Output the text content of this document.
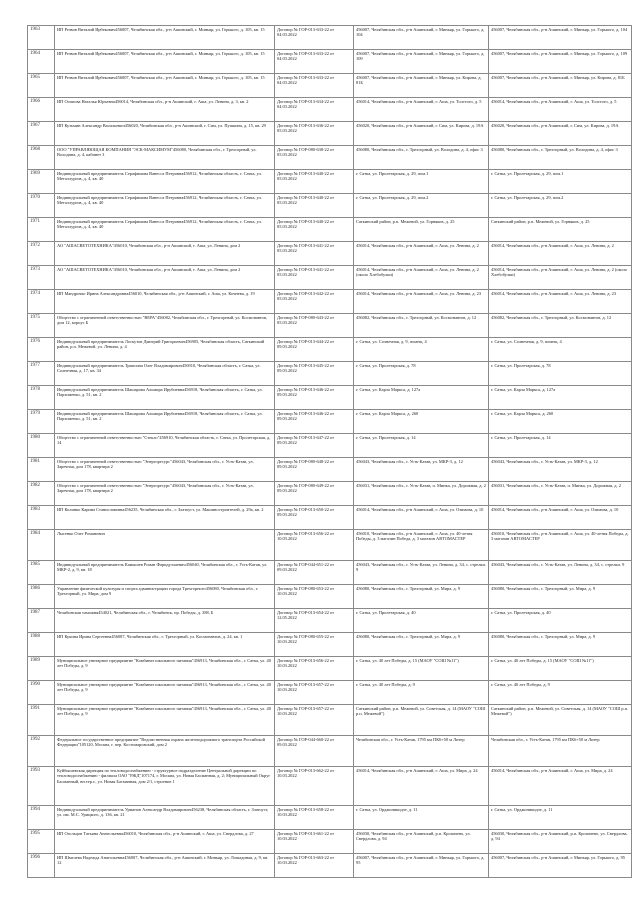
1963	ИП Резвов Виталий Ирбекович456007, Челябинская обл., р-н Ашинский, г. Миньяр, ул. Горького, д. 105, кв. 15	Договор № ГОР-013-633-22 от 04.03.2022	456007, Челябинская обл., р-н Ашинский, г. Миньяр, ул. Горького, д. 104	456007, Челябинская обл., р-н Ашинский, г. Миньяр, ул. Горького, д. 104
1964	ИП Резвов Виталий Ирбекович456007, Челябинская обл., р-н Ашинский, г. Миньяр, ул. Горького, д. 105, кв. 15	Договор № ГОР-013-633-22 от 04.03.2022	456007, Челябинская обл., р-н Ашинский, г. Миньяр, ул. Горького, д. 109	456007, Челябинская обл., р-н Ашинский, г. Миньяр, ул. Горького, д. 109
1965	ИП Резвов Виталий Ирбекович456007, Челябинская обл., р-н Ашинский, г. Миньяр, ул. Горького, д. 105, кв. 15	Договор № ГОР-013-633-22 от 04.03.2022	456007, Челябинская обл., р-н Ашинский, г. Миньяр, ул. Кирова, д. 81Б	456007, Челябинская обл., р-н Ашинский, г. Миньяр, ул. Кирова, д. 81Б
1966	ИП Осипова Наталья Юрьевна456014, Челябинская обл., р-н Ашинский, г. Аша, ул. Ленина, д. 3, кв. 2	Договор № ГОР-013-634-22 от 04.03.2022	456014, Челябинская обл., р-н Ашинский, г. Аша, ул. Толстого, д. 5	456014, Челябинская обл., р-н Ашинский, г. Аша, ул. Толстого, д. 5
1967	ИП Кузьмин Александр Васильевич456020, Челябинская обл., р-н Ашинский, г. Сим, ул. Пушкина, д. 15, кв. 29	Договор № ГОР-013-636-22 от 05.03.2022	456020, Челябинская обл., р-н Ашинский, г. Сим, ул. Кирова, д. 19А	456020, Челябинская обл., р-н Ашинский, г. Сим, ул. Кирова, д. 19А
1968	ООО "УПРАВЛЯЮЩАЯ КОМПАНИЯ "ЭСК-МАКСИМУМ"456080, Челябинская обл., г. Трехгорный, ул. Володина, д. 4, кабинет 3	Договор № ГОР-080-638-22 от 05.03.2022	456080, Челябинская обл., г. Трехгорный, ул. Володина, д. 4, офис 3	456080, Челябинская обл., г. Трехгорный, ул. Володина, д. 4, офис 3
1969	Индивидуальный предприниматель Серафимова Ванесса Петровна456912, Челябинская область, г. Сатка, ул. Металлургов, д. 4, кв. 40	Договор № ГОР-013-640-22 от 05.03.2022	г. Сатка, ул. Пролетарская, д. 29, пом.1	г. Сатка, ул. Пролетарская, д. 29, пом.1
1970	Индивидуальный предприниматель Серафимова Ванесса Петровна456912, Челябинская область, г. Сатка, ул. Металлургов, д. 4, кв. 40	Договор № ГОР-013-640-22 от 05.03.2022	г. Сатка, ул. Пролетарская, д. 29, пом.2	г. Сатка, ул. Пролетарская, д. 29, пом.2
1971	Индивидуальный предприниматель Серафимова Ванесса Петровна456912, Челябинская область, г. Сатка, ул. Металлургов, д. 4, кв. 40	Договор № ГОР-013-640-22 от 05.03.2022	Саткинский район, р.п. Межевой, ул. Горняков, д. 25	Саткинский район, р.п. Межевой, ул. Горняков, д. 25
1972	АО "АШАСВЕТОТЕХНИКА"456010, Челябинская обл., р-н Ашинский, г. Аша, ул. Ленина, дом 2	Договор № ГОР-013-641-22 от 05.03.2022	456014, Челябинская обл., р-н Ашинский, г. Аша, ул. Ленина, д. 2	456014, Челябинская обл., р-н Ашинский, г. Аша, ул. Ленина, д. 2
1973	АО "АШАСВЕТОТЕХНИКА"456010, Челябинская обл., р-н Ашинский, г. Аша, ул. Ленина, дом 2	Договор № ГОР-013-641-22 от 05.03.2022	456014, Челябинская обл., р-н Ашинский, г. Аша, ул. Ленина, д. 2 (около Хлебобулки)	456014, Челябинская обл., р-н Ашинский, г. Аша, ул. Ленина, д. 2 (около Хлебобулки)
1974	ИП Мандрочко Ирина Александровна456010, Челябинская обл., р-н Ашинский, г. Аша, ул. Кочнева, д. 19	Договор № ГОР-013-642-22 от 05.03.2022	456014, Челябинская обл., р-н Ашинский, г. Аша, ул. Ленина, д. 23	456014, Челябинская обл., р-н Ашинский, г. Аша, ул. Ленина, д. 23
1975	Общество с ограниченной ответственностью "ВЕРА"456082, Челябинская обл., г. Трехгорный, ул. Космонавтов, дом 12, корпус Б	Договор № ГОР-080-643-22 от 05.03.2022	456082, Челябинская обл., г. Трехгорный, ул. Космонавтов, д. 12	456082, Челябинская обл., г. Трехгорный, ул. Космонавтов, д. 12
1976	Индивидуальный предприниматель Лоскутов Дмитрий Григорьевич456905, Челябинская область, Саткинский район, р.п. Межевой, ул. Ленина, д. 4	Договор № ГОР-013-644-22 от 09.03.2022	г. Сатка, ул. Солнечная, д. 9, помещ. 4	г. Сатка, ул. Солнечная, д. 9, помещ. 4
1977	Индивидуальный предприниматель Трипсина Олег Владимирович456910, Челябинская область, г. Сатка, ул. Солнечная, д. 17, кв. 34	Договор № ГОР-013-645-22 от 09.03.2022	г. Сатка, ул. Пролетарская, д. 78	г. Сатка, ул. Пролетарская, д. 78
1978	Индивидуальный предприниматель Шашарова Альмира Ирубиевна456918, Челябинская область, г. Сатка, ул. Пархоменко, д. 51, кв. 2	Договор № ГОР-013-646-22 от 09.03.2022	г. Сатка, ул. Карла Маркса, д. 127а	г. Сатка, ул. Карла Маркса, д. 127а
1979	Индивидуальный предприниматель Шашарова Альмира Ирубиевна456918, Челябинская область, г. Сатка, ул. Пархоменко, д. 51, кв. 2	Договор № ГОР-013-646-22 от 09.03.2022	г. Сатка, ул. Карла Маркса, д. 260	г. Сатка, ул. Карла Маркса, д. 260
1980	Общество с ограниченной ответственностью "Стекло"456910, Челябинская область, г. Сатка, ул. Пролетарская, д. 14	Договор № ГОР-013-647-22 от 09.03.2022	г. Сатка, ул. Пролетарская, д. 14	г. Сатка, ул. Пролетарская, д. 14
1981	Общество с ограниченной ответственностью "Энергоресурс"456043, Челябинская обл., г. Усть-Катав, ул. Заречная, дом 178, квартира 2	Договор № ГОР-080-648-22 от 09.03.2022	456043, Челябинская обл., г. Усть-Катав, ул. МКР-3, д. 12	456043, Челябинская обл., г. Усть-Катав, ул. МКР-3, д. 12
1982	Общество с ограниченной ответственностью "Энергоресурс"456043, Челябинская обл., г. Усть-Катав, ул. Заречная, дом 178, квартира 2	Договор № ГОР-080-649-22 от 09.03.2022	456031, Челябинская обл., г. Усть-Катав, п. Минка, ул. Дорожная, д. 2	456031, Челябинская обл., г. Усть-Катав, п. Минка, ул. Дорожная, д. 2
1983	ИП Колинко Карина Станиславовна456235, Челябинская обл., г. Златоуст, ул. Машиностроителей, д. 29а, кв. 2	Договор № ГОР-013-650-22 от 09.03.2022	456014, Челябинская обл., р-н Ашинский, г. Аша, ул. Озимова, д. 10	456014, Челябинская обл., р-н Ашинский, г. Аша, ул. Озимова, д. 10
1984	Лысенко Олег Романович	Договор № ГОР-013-656-22 от 10.03.2022	456010, Челябинская обл., р-н Ашинский, г. Аша, ул. 40-летия Победы, д. 3 магазин Победа, д. 3 магазин АВТОМАСТЕР	456010, Челябинская обл., р-н Ашинский, г. Аша, ул. 40-летия Победы, д. 3 магазин АВТОМАСТЕР
1985	Индивидуальный предприниматель Камышев Роман Фаридуллаевич456040, Челябинская обл., г. Усть-Катав, ул. МКР-2, д. 9, кв. 18	Договор № ГОР-044-651-22 от 09.03.2022	456043, Челябинская обл., г. Усть-Катав, ул. Ленина, д. 34, с. стрелки. 9	456043, Челябинская обл., г. Усть-Катав, ул. Ленина, д. 34, с. стрелки. 9
1986	Управление физической культуры и спорта администрации города Трехгорного456080, Челябинская обл., г. Трехгорный, ул. Мира, дом 9	Договор № ГОР-080-653-22 от 10.03.2022	456080, Челябинская обл., г. Трехгорный, ул. Мира, д. 9	456080, Челябинская обл., г. Трехгорный, ул. Мира, д. 9
1987	Челябинская таможня454021, Челябинская обл., г. Челябинск, пр. Победы, д. 388, Б	Договор № ГОР-013-654-22 от 12.05.2022	г. Сатка, ул. Пролетарская, д. 40	г. Сатка, ул. Пролетарская, д. 40
1988	ИП Кукина Ирина Сергеевна456087, Челябинская обл., г. Трехгорный, ул. Космонавтов, д. 24, кв. 1	Договор № ГОР-080-655-22 от 10.03.2022	456080, Челябинская обл., г. Трехгорный, ул. Мира, д. 9	456080, Челябинская обл., г. Трехгорный, ул. Мира, д. 9
1989	Муниципальное унитарное предприятие "Комбинат школьного питания"456913, Челябинская обл., г. Сатка, ул. 40 лет Победы, д. 9	Договор № ГОР-013-656-22 от 10.03.2022	г. Сатка, ул. 40 лет Победы, д. 15 (МАОУ "СОШ №11")	г. Сатка, ул. 40 лет Победы, д. 15 (МАОУ "СОШ №11")
1990	Муниципальное унитарное предприятие "Комбинат школьного питания"456913, Челябинская обл., г. Сатка, ул. 40 лет Победы, д. 9	Договор № ГОР-013-657-22 от 10.03.2022	г. Сатка, ул. 40 лет Победы, д. 9	г. Сатка, ул. 40 лет Победы, д. 9
1991	Муниципальное унитарное предприятие "Комбинат школьного питания"456913, Челябинская обл., г. Сатка, ул. 40 лет Победы, д. 9	Договор № ГОР-013-657-22 от 10.03.2022	Саткинский район, р.п. Межевой, ул. Советская, д. 14 (МАОУ "СОШ р.п. Межевой")	Саткинский район, р.п. Межевой, ул. Советская, д. 14 (МАОУ "СОШ р.п. Межевой")
1992	Федеральное государственное предприятие "Ведомственная охрана железнодорожного транспорта Российской Федерации"105120, Москва, г. пер. Костомаровский, дом 2	Договор № ГОР-044-660-22 от 09.03.2022	Челябинская обл., г. Усть-Катав, 1795 км ПК6+50 м Литер	Челябинская обл., г. Усть-Катав, 1795 км ПК6+50 м Литер
1993	Куйбышевская дирекция по тепловодоснабжению - структурное подразделение Центральной дирекции по тепловодоснабжению - филиала ОАО "РЖД"107174, г. Москва, ул. Новая Басманная, д. 2; Муниципальный Округ Басманный, вн.тер.г., ул. Новая Басманная, дом 2/1, строение 1	Договор № ГОР-013-662-22 от 10.03.2022	456014, Челябинская обл., р-н Ашинский, г. Аша, ул. Мира, д. 24	456014, Челябинская обл., р-н Ашинский, г. Аша, ул. Мира, д. 24
1994	Индивидуальный предприниматель Урманов Александр Владимирович456238, Челябинская область, г. Златоуст, ул. им. М.С. Урицкого, д. 136, кв. 21	Договор № ГОР-013-658-22 от 10.03.2022	г. Сатка, ул. Орджоникидзе, д. 11	г. Сатка, ул. Орджоникидзе, д. 11
1995	ИП Огольцов Татьяна Анатольевна456010, Челябинская обл., р-н Ашинский, г. Аша, ул. Свердлова, д. 27	Договор № ГОР-013-661-22 от 10.03.2022	456030, Челябинская обл., р-н Ашинский, р.п. Кропачево, ул. Свердлова, д. 94	456030, Челябинская обл., р-н Ашинский, р.п. Кропачево, ул. Свердлова, д. 94
1996	ИП Шмелева Надежда Анатольевна456007, Челябинская обл., р-н Ашинский, г. Миньяр, ул. Лошадиная, д. 9, кв. 12	Договор № ГОР-013-663-22 от 10.03.2022	456007, Челябинская обл., р-н Ашинский, г. Миньяр, ул. Горького, д. 95	456007, Челябинская обл., р-н Ашинский, г. Миньяр, ул. Горького, д. 95
